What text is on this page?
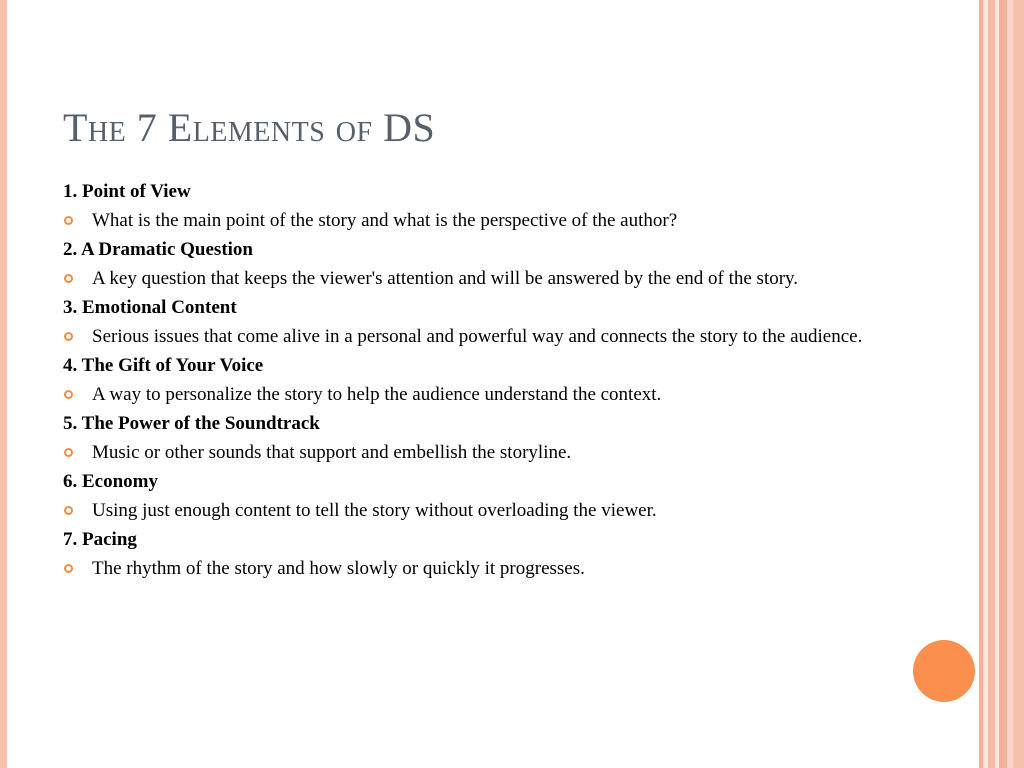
The 7 Elements of DS
1. Point of View
What is the main point of the story and what is the perspective of the author?
2. A Dramatic Question
A key question that keeps the viewer's attention and will be answered by the end of the story.
3. Emotional Content
Serious issues that come alive in a personal and powerful way and connects the story to the audience.
4. The Gift of Your Voice
A way to personalize the story to help the audience understand the context.
5. The Power of the Soundtrack
Music or other sounds that support and embellish the storyline.
6. Economy
Using just enough content to tell the story without overloading the viewer.
7. Pacing
The rhythm of the story and how slowly or quickly it progresses.
